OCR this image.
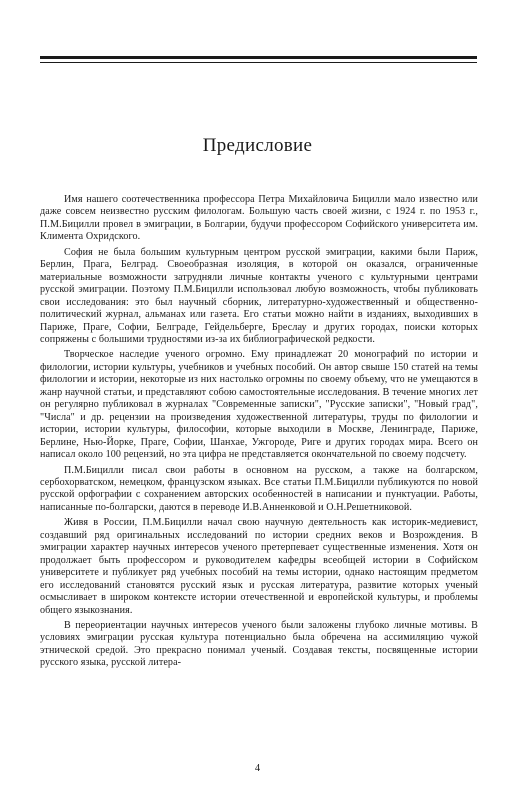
Предисловие

Имя нашего соотечественника профессора Петра Михайловича Бицилли мало известно или даже совсем неизвестно русским филологам. Большую часть своей жизни, с 1924 г. по 1953 г., П.М.Бицилли провел в эмиграции, в Болгарии, будучи профессором Софийского университета им. Климента Охридского.

София не была большим культурным центром русской эмиграции, какими были Париж, Берлин, Прага, Белград. Своеобразная изоляция, в которой он оказался, ограниченные материальные возможности затрудняли личные контакты ученого с культурными центрами русской эмиграции. Поэтому П.М.Бицилли использовал любую возможность, чтобы публиковать свои исследования: это был научный сборник, литературно-художественный и общественно-политический журнал, альманах или газета. Его статьи можно найти в изданиях, выходивших в Париже, Праге, Софии, Белграде, Гейдельберге, Бреслау и других городах, поиски которых сопряжены с большими трудностями из-за их библиографической редкости.

Творческое наследие ученого огромно. Ему принадлежат 20 монографий по истории и филологии, истории культуры, учебников и учебных пособий. Он автор свыше 150 статей на темы филологии и истории, некоторые из них настолько огромны по своему объему, что не умещаются в жанр научной статьи, и представляют собою самостоятельные исследования. В течение многих лет он регулярно публиковал в журналах "Современные записки", "Русские записки", "Новый град", "Числа" и др. рецензии на произведения художественной литературы, труды по филологии и истории, истории культуры, философии, которые выходили в Москве, Ленинграде, Париже, Берлине, Нью-Йорке, Праге, Софии, Шанхае, Ужгороде, Риге и других городах мира. Всего он написал около 100 рецензий, но эта цифра не представляется окончательной по своему подсчету.

П.М.Бицилли писал свои работы в основном на русском, а также на болгарском, сербохорватском, немецком, французском языках. Все статьи П.М.Бицилли публикуются по новой русской орфографии с сохранением авторских особенностей в написании и пунктуации. Работы, написанные по-болгарски, даются в переводе И.В.Анненковой и О.Н.Решетниковой.

Живя в России, П.М.Бицилли начал свою научную деятельность как историк-медиевист, создавший ряд оригинальных исследований по истории средних веков и Возрождения. В эмиграции характер научных интересов ученого претерпевает существенные изменения. Хотя он продолжает быть профессором и руководителем кафедры всеобщей истории в Софийском университете и публикует ряд учебных пособий на темы истории, однако настоящим предметом его исследований становятся русский язык и русская литература, развитие которых ученый осмысливает в широком контексте истории отечественной и европейской культуры, и проблемы общего языкознания.

В переориентации научных интересов ученого были заложены глубоко личные мотивы. В условиях эмиграции русская культура потенциально была обречена на ассимиляцию чужой этнической средой. Это прекрасно понимал ученый. Создавая тексты, посвященные истории русского языка, русской литера-

4
